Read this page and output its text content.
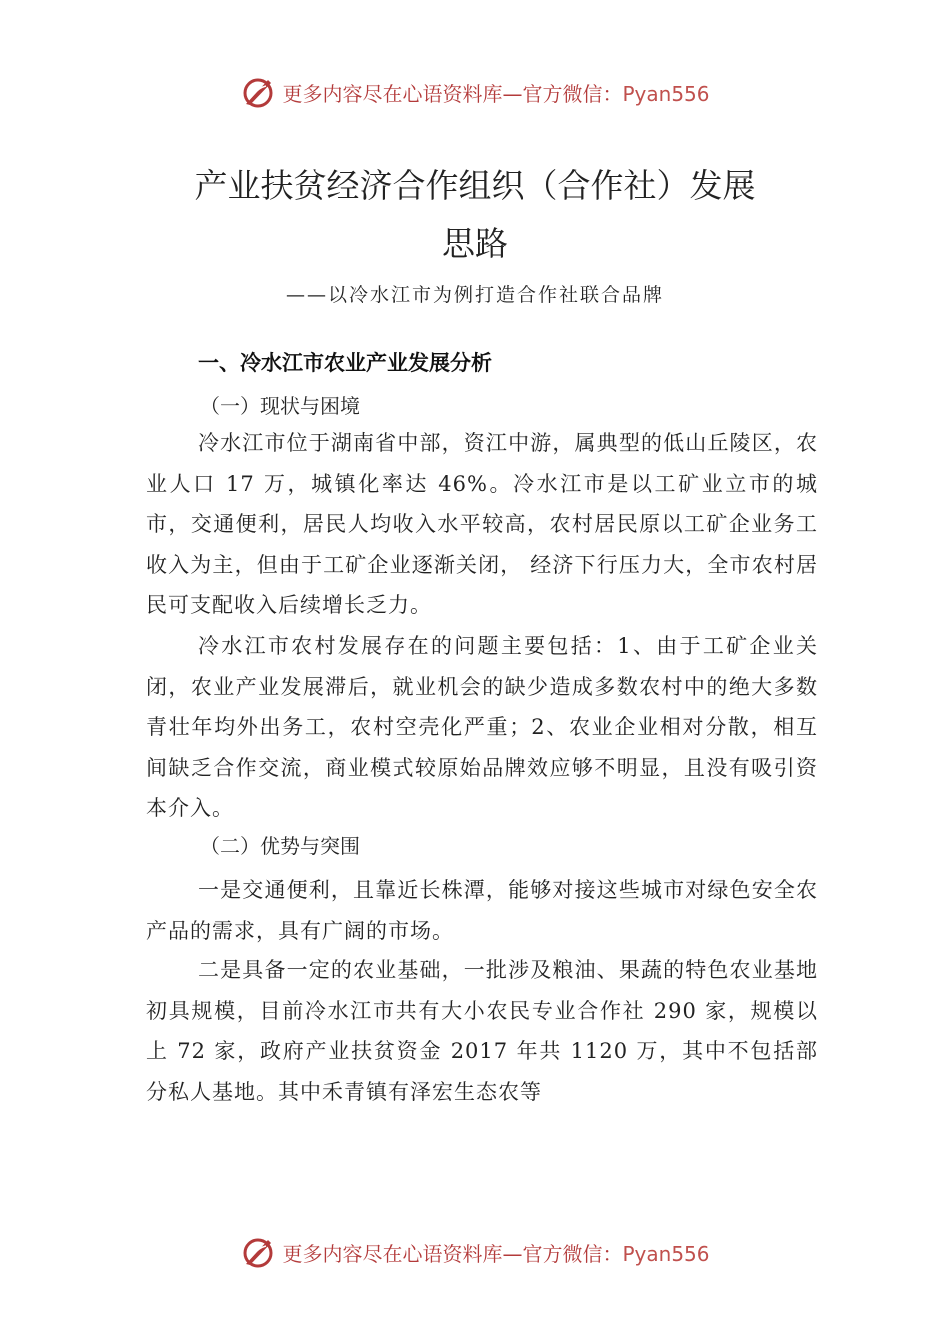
更多内容尽在心语资料库—官方微信：Pyan556
产业扶贫经济合作组织（合作社）发展
思路
——以冷水江市为例打造合作社联合品牌
一、冷水江市农业产业发展分析
（一）现状与困境
冷水江市位于湖南省中部，资江中游，属典型的低山丘陵区，农业人口 17 万，城镇化率达 46%。冷水江市是以工矿业立市的城市，交通便利，居民人均收入水平较高，农村居民原以工矿企业务工收入为主，但由于工矿企业逐渐关闭， 经济下行压力大，全市农村居民可支配收入后续增长乏力。
冷水江市农村发展存在的问题主要包括：1、由于工矿企业关闭，农业产业发展滞后，就业机会的缺少造成多数农村中的绝大多数青壮年均外出务工，农村空壳化严重；2、农业企业相对分散，相互间缺乏合作交流，商业模式较原始品牌效应够不明显，且没有吸引资本介入。
（二）优势与突围
一是交通便利，且靠近长株潭，能够对接这些城市对绿色安全农产品的需求，具有广阔的市场。
二是具备一定的农业基础，一批涉及粮油、果蔬的特色农业基地初具规模，目前冷水江市共有大小农民专业合作社 290 家，规模以上 72 家，政府产业扶贫资金 2017 年共 1120 万，其中不包括部分私人基地。其中禾青镇有泽宏生态农等
更多内容尽在心语资料库—官方微信：Pyan556
